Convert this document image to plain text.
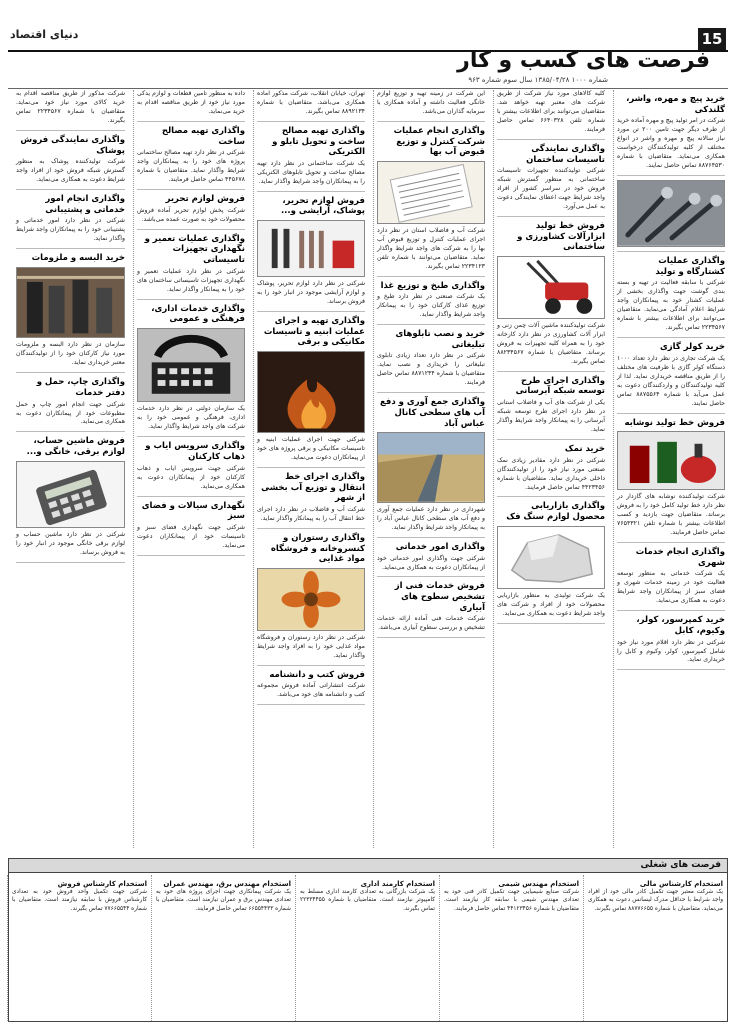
15
دنیای اقتصاد
فرصت های کسب و کار
شماره ۱۰۰۰ ۱۳۸۵/۰۴/۲۸ سال سوم شماره ۹۶۳
خرید پیچ و مهره، واشر، گلندکی
شرکت در امر تولید پیچ و مهره آماده خرید از طرف دیگر جهت تامین ۲۰۰ تن مورد نیاز سالانه پیچ و مهره و واشر در انواع مختلف از کلیه تولیدکنندگان درخواست همکاری می‌نماید. متقاضیان با شماره ۸۸۷۶۴۵۳۰ تماس حاصل نمایند.
واگذاری عملیات کشتارگاه و تولید
شرکتی با سابقه فعالیت در تهیه و بسته بندی گوشت جهت واگذاری بخشی از عملیات کشتار خود به پیمانکاران واجد شرایط اعلام آمادگی می‌نماید. متقاضیان می‌توانند برای اطلاعات بیشتر با شماره ۲۲۳۴۵۶۷ تماس بگیرند.
خرید کولر گازی
یک شرکت تجاری در نظر دارد تعداد ۱۰۰۰ دستگاه کولر گازی با ظرفیت های مختلف را از طریق مناقصه خریداری نماید. لذا از کلیه تولیدکنندگان و واردکنندگان دعوت به عمل می‌آید با شماره ۸۸۷۵۵۶۴ تماس حاصل نمایند.
فروش خط تولید نوشابه
شرکت تولیدکننده نوشابه های گازدار در نظر دارد خط تولید کامل خود را به فروش برساند. متقاضیان جهت بازدید و کسب اطلاعات بیشتر با شماره تلفن ۷۶۵۴۳۲۱ تماس حاصل فرمایند.
واگذاری انجام خدمات شهری
یک شرکت خدماتی به منظور توسعه فعالیت خود در زمینه خدمات شهری و فضای سبز از پیمانکاران واجد شرایط دعوت به همکاری می‌نماید.
خرید کمپرسور، کولر، وکیوم، کابل
شرکتی در نظر دارد اقلام مورد نیاز خود شامل کمپرسور، کولر، وکیوم و کابل را خریداری نماید.
کلیه کالاهای مورد نیاز شرکت از طریق شرکت های معتبر تهیه خواهد شد. متقاضیان می‌توانند برای اطلاعات بیشتر با شماره تلفن ۶۶۴۰۳۲۸ تماس حاصل فرمایند.
واگذاری نمایندگی تاسیسات ساختمان
شرکتی تولیدکننده تجهیزات تاسیسات ساختمانی به منظور گسترش شبکه فروش خود در سراسر کشور از افراد واجد شرایط جهت اعطای نمایندگی دعوت به عمل می‌آورد.
فروش خط تولید ابزارآلات کشاورزی و ساختمانی
شرکت تولیدکننده ماشین آلات چمن زنی و ابزار آلات کشاورزی در نظر دارد کارخانه خود را به همراه کلیه تجهیزات به فروش برساند. متقاضیان با شماره ۸۸۲۳۴۵۶۷ تماس بگیرند.
واگذاری اجرای طرح توسعه شبکه آبرسانی
یکی از شرکت های آب و فاضلاب استانی در نظر دارد اجرای طرح توسعه شبکه آبرسانی را به پیمانکار واجد شرایط واگذار نماید.
خرید نمک
شرکتی در نظر دارد مقادیر زیادی نمک صنعتی مورد نیاز خود را از تولیدکنندگان داخلی خریداری نماید. متقاضیان با شماره ۴۴۲۳۴۵۶ تماس حاصل فرمایند.
واگذاری بازاریابی محصول لوازم سنگ فک
یک شرکت تولیدی به منظور بازاریابی محصولات خود از افراد و شرکت های واجد شرایط دعوت به همکاری می‌نماید.
این شرکت در زمینه تهیه و توزیع لوازم خانگی فعالیت داشته و آماده همکاری با سرمایه گذاران می‌باشد.
واگذاری انجام عملیات شرکت کنترل و توزیع قبوض آب بها
شرکت آب و فاضلاب استان در نظر دارد اجرای عملیات کنترل و توزیع قبوض آب بها را به شرکت های واجد شرایط واگذار نماید. متقاضیان می‌توانند با شماره تلفن ۲۲۳۴۱۲۳ تماس بگیرند.
واگذاری طبخ و توزیع غذا
یک شرکت صنعتی در نظر دارد طبخ و توزیع غذای کارکنان خود را به پیمانکار واجد شرایط واگذار نماید.
خرید و نصب تابلوهای تبلیغاتی
شرکتی در نظر دارد تعداد زیادی تابلوی تبلیغاتی را خریداری و نصب نماید. متقاضیان با شماره ۸۸۷۱۲۳۴ تماس حاصل فرمایند.
واگذاری جمع آوری و دفع آب های سطحی کانال عباس آباد
شهرداری در نظر دارد عملیات جمع آوری و دفع آب های سطحی کانال عباس آباد را به پیمانکار واجد شرایط واگذار نماید.
واگذاری امور خدماتی
شرکتی جهت واگذاری امور خدماتی خود از پیمانکاران دعوت به همکاری می‌نماید.
فروش خدمات فنی از تشخیص سطوح های آبیاری
شرکت خدمات فنی آماده ارائه خدمات تشخیص و بررسی سطوح آبیاری می‌باشد.
تهران، خیابان انقلاب، شرکت مذکور آماده همکاری می‌باشد. متقاضیان با شماره ۸۸۹۲۱۳۴ تماس بگیرند.
واگذاری تهیه مصالح ساخت و تحویل تابلو و الکتریکی
یک شرکت ساختمانی در نظر دارد تهیه مصالح ساخت و تحویل تابلوهای الکتریکی را به پیمانکاران واجد شرایط واگذار نماید.
فروش لوازم تحریر، پوشاک، آرایشی و...
شرکتی در نظر دارد لوازم تحریر، پوشاک و لوازم آرایشی موجود در انبار خود را به فروش برساند.
واگذاری تهیه و اجرای عملیات ابنیه و تاسیسات مکانیکی و برقی
شرکتی جهت اجرای عملیات ابنیه و تاسیسات مکانیکی و برقی پروژه های خود از پیمانکاران دعوت می‌نماید.
واگذاری اجرای خط انتقال و توزیع آب بخشی از شهر
شرکت آب و فاضلاب در نظر دارد اجرای خط انتقال آب را به پیمانکار واگذار نماید.
واگذاری رستوران و کنسروخانه و فروشگاه مواد غذایی
شرکتی در نظر دارد رستوران و فروشگاه مواد غذایی خود را به افراد واجد شرایط واگذار نماید.
فروش کتب و دانشنامه
شرکت انتشاراتی آماده فروش مجموعه کتب و دانشنامه های خود می‌باشد.
داده به منظور تامین قطعات و لوازم یدکی مورد نیاز خود از طریق مناقصه اقدام به خرید می‌نماید.
واگذاری تهیه مصالح ساخت
شرکتی در نظر دارد تهیه مصالح ساختمانی پروژه های خود را به پیمانکاران واجد شرایط واگذار نماید. متقاضیان با شماره ۴۴۵۶۷۸ تماس حاصل فرمایند.
فروش لوازم تحریر
شرکت پخش لوازم تحریر آماده فروش محصولات خود به صورت عمده می‌باشد.
واگذاری عملیات تعمیر و نگهداری تجهیزات تاسیساتی
شرکتی در نظر دارد عملیات تعمیر و نگهداری تجهیزات تاسیساتی ساختمان های خود را به پیمانکار واگذار نماید.
واگذاری خدمات اداری، فرهنگی و عمومی
یک سازمان دولتی در نظر دارد خدمات اداری، فرهنگی و عمومی خود را به شرکت های واجد شرایط واگذار نماید.
واگذاری سرویس ایاب و ذهاب کارکنان
شرکتی جهت سرویس ایاب و ذهاب کارکنان خود از پیمانکاران دعوت به همکاری می‌نماید.
نگهداری سیالات و فضای سبز
شرکتی جهت نگهداری فضای سبز و تاسیسات خود از پیمانکاران دعوت می‌نماید.
شرکت مذکور از طریق مناقصه اقدام به خرید کالای مورد نیاز خود می‌نماید. متقاضیان با شماره ۲۲۳۴۵۶۷ تماس بگیرند.
واگذاری نمایندگی فروش پوشاک
شرکت تولیدکننده پوشاک به منظور گسترش شبکه فروش خود از افراد واجد شرایط دعوت به همکاری می‌نماید.
واگذاری انجام امور خدماتی و پشتیبانی
شرکتی در نظر دارد امور خدماتی و پشتیبانی خود را به پیمانکاران واجد شرایط واگذار نماید.
خرید البسه و ملزومات
سازمان در نظر دارد البسه و ملزومات مورد نیاز کارکنان خود را از تولیدکنندگان معتبر خریداری نماید.
واگذاری چاپ، حمل و دفتر خدمات
شرکتی جهت انجام امور چاپ و حمل مطبوعات خود از پیمانکاران دعوت به همکاری می‌نماید.
فروش ماشین حساب، لوازم برقی، خانگی و...
شرکتی در نظر دارد ماشین حساب و لوازم برقی خانگی موجود در انبار خود را به فروش برساند.
فرصت های شغلی
استخدام کارشناس مالی
یک شرکت معتبر جهت تکمیل کادر مالی خود از افراد واجد شرایط با حداقل مدرک لیسانس دعوت به همکاری می‌نماید. متقاضیان با شماره ۸۸۷۷۶۶۵۵ تماس بگیرند.
استخدام مهندس شیمی
شرکت صنایع شیمیایی جهت تکمیل کادر فنی خود به تعدادی مهندس شیمی با سابقه کار نیازمند است. متقاضیان با شماره ۴۴۱۲۳۴۵۶ تماس حاصل فرمایند.
استخدام کارمند اداری
یک شرکت بازرگانی به تعدادی کارمند اداری مسلط به کامپیوتر نیازمند است. متقاضیان با شماره ۲۲۳۳۴۴۵۵ تماس بگیرند.
استخدام مهندس برق، مهندس عمران
یک شرکت پیمانکاری جهت اجرای پروژه های خود به تعدادی مهندس برق و عمران نیازمند است. متقاضیان با شماره ۶۶۵۵۴۴۳۳ تماس حاصل فرمایند.
استخدام کارشناس فروش
شرکتی جهت تکمیل واحد فروش خود به تعدادی کارشناس فروش با سابقه نیازمند است. متقاضیان با شماره ۷۷۶۶۵۵۴۴ تماس بگیرند.
